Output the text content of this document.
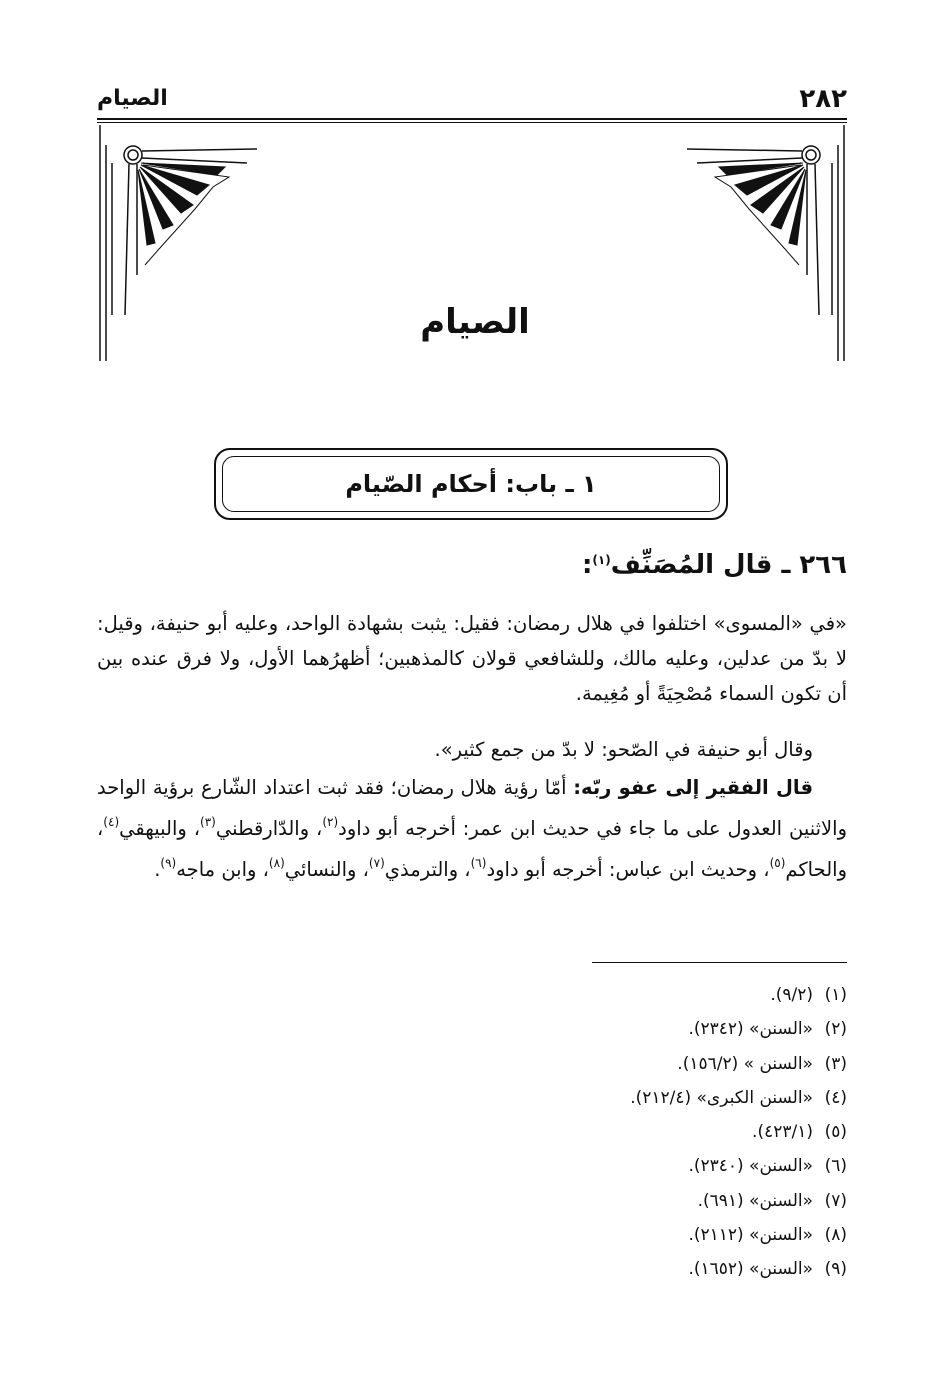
٢٨٢
الصيام
الصيام
١ ـ باب: أحكام الصّيام
٢٦٦ ـ قال المُصَنِّف$^{(١)}$:
«في «المسوى» اختلفوا في هلال رمضان: فقيل: يثبت بشهادة الواحد، وعليه أبو حنيفة، وقيل: لا بدّ من عدلين، وعليه مالك، وللشافعي قولان كالمذهبين؛ أظهرُهما الأول، ولا فرق عنده بين أن تكون السماء مُصْحِيَةً أو مُغِيمة.
وقال أبو حنيفة في الصّحو: لا بدّ من جمع كثير».
قال الفقير إلى عفو ربّه: أمّا رؤية هلال رمضان؛ فقد ثبت اعتداد الشّارع برؤية الواحد والاثنين العدول على ما جاء في حديث ابن عمر: أخرجه أبو داود$^{(٢)}$، والدّارقطني$^{(٣)}$، والبيهقي$^{(٤)}$، والحاكم$^{(٥)}$، وحديث ابن عباس: أخرجه أبو داود$^{(٦)}$، والترمذي$^{(٧)}$، والنسائي$^{(٨)}$، وابن ماجه$^{(٩)}$.
(١)(٩/٢).
(٢)«السنن» (٢٣٤٢).
(٣)«السنن » (١٥٦/٢).
(٤)«السنن الكبرى» (٢١٢/٤).
(٥)(٤٢٣/١).
(٦)«السنن» (٢٣٤٠).
(٧)«السنن» (٦٩١).
(٨)«السنن» (٢١١٢).
(٩)«السنن» (١٦٥٢).
